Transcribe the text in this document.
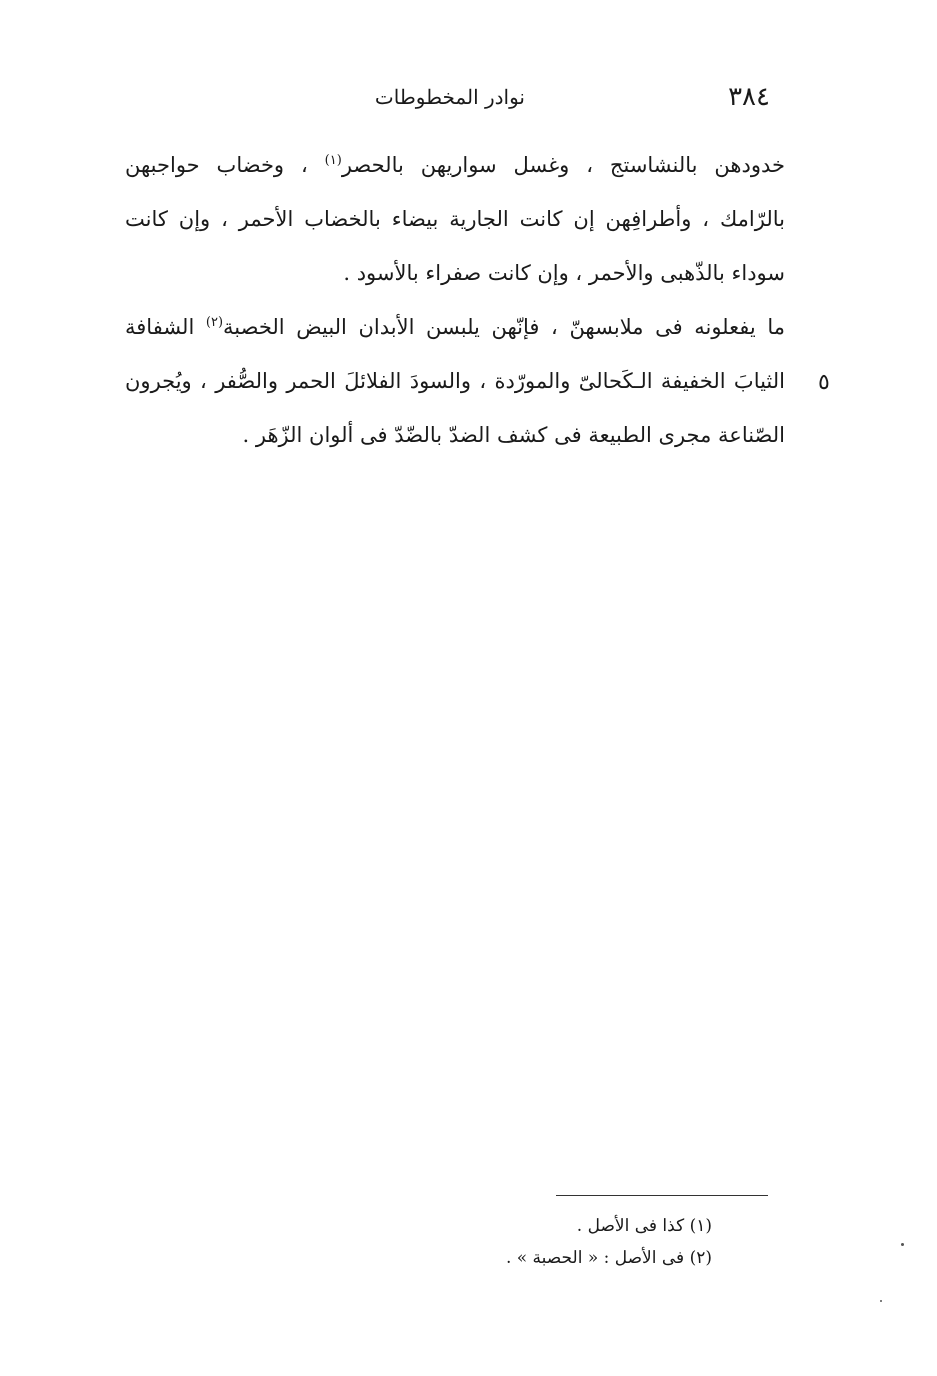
٣٨٤
نوادر المخطوطات
خدودهن بالنشاستج ، وغسل سواريهن بالحصر$^{(١)}$ ، وخضاب حواجبهن
بالرّامك ، وأطرافِهن إن كانت الجارية بيضاء بالخضاب الأحمر ، وإن كانت
سوداء بالذّهبى والأحمر ، وإن كانت صفراء بالأسود .
ما يفعلونه فى ملابسهنّ ، فإنّهن يلبسن الأبدان البيض الخصبة$^{(٢)}$ الشفافة
الثيابَ الخفيفة الـكَحالىّ والمورّدة ، والسودَ الفلائلَ الحمر والصُّفر ، ويُجرون
الصّناعة مجرى الطبيعة فى كشف الضدّ بالضّدّ فى ألوان الزّهَر .
٥
(١) كذا فى الأصل .
(٢) فى الأصل : « الحصبة » .
